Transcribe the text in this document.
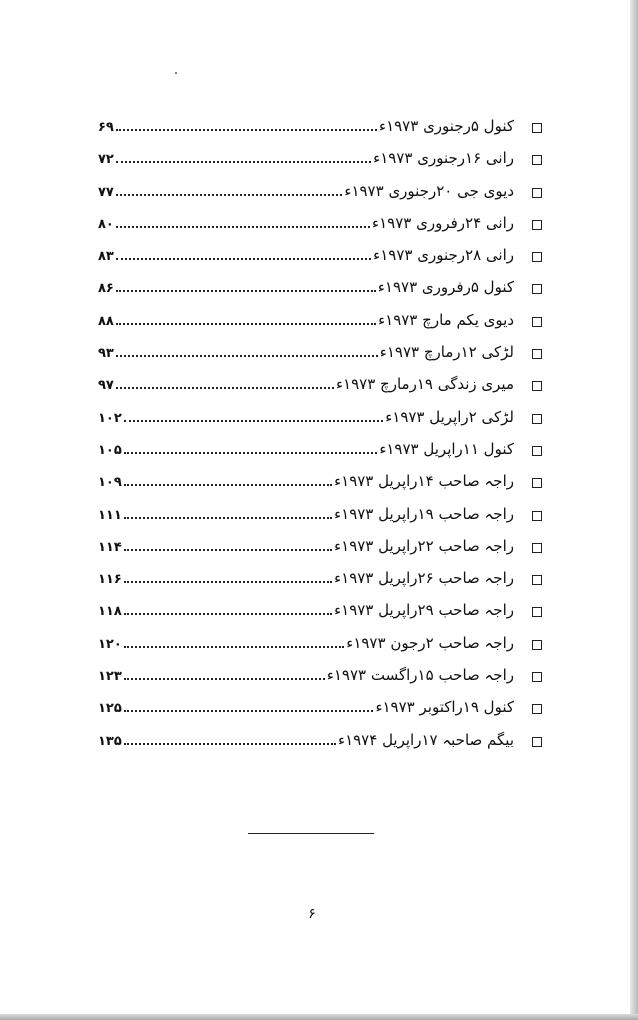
کنول ۵رجنوری ۱۹۷۳ء
۶۹
رانی ۱۶رجنوری ۱۹۷۳ء
۷۲
دیوی جی ۲۰رجنوری ۱۹۷۳ء
۷۷
رانی ۲۴رفروری ۱۹۷۳ء
۸۰
رانی ۲۸رجنوری ۱۹۷۳ء
۸۳
کنول ۵رفروری ۱۹۷۳ء
۸۶
دیوی یکم مارچ ۱۹۷۳ء
۸۸
لڑکی ۱۲رمارچ ۱۹۷۳ء
۹۳
میری زندگی ۱۹رمارچ ۱۹۷۳ء
۹۷
لڑکی ۲راپریل ۱۹۷۳ء
۱۰۲
کنول ۱۱راپریل ۱۹۷۳ء
۱۰۵
راجہ صاحب ۱۴راپریل ۱۹۷۳ء
۱۰۹
راجہ صاحب ۱۹راپریل ۱۹۷۳ء
۱۱۱
راجہ صاحب ۲۲راپریل ۱۹۷۳ء
۱۱۴
راجہ صاحب ۲۶راپریل ۱۹۷۳ء
۱۱۶
راجہ صاحب ۲۹راپریل ۱۹۷۳ء
۱۱۸
راجہ صاحب ۲رجون ۱۹۷۳ء
۱۲۰
راجہ صاحب ۱۵راگست ۱۹۷۳ء
۱۲۳
کنول ۱۹راکتوبر ۱۹۷۳ء
۱۲۵
بیگم صاحبہ ۱۷راپریل ۱۹۷۴ء
۱۳۵
۶
